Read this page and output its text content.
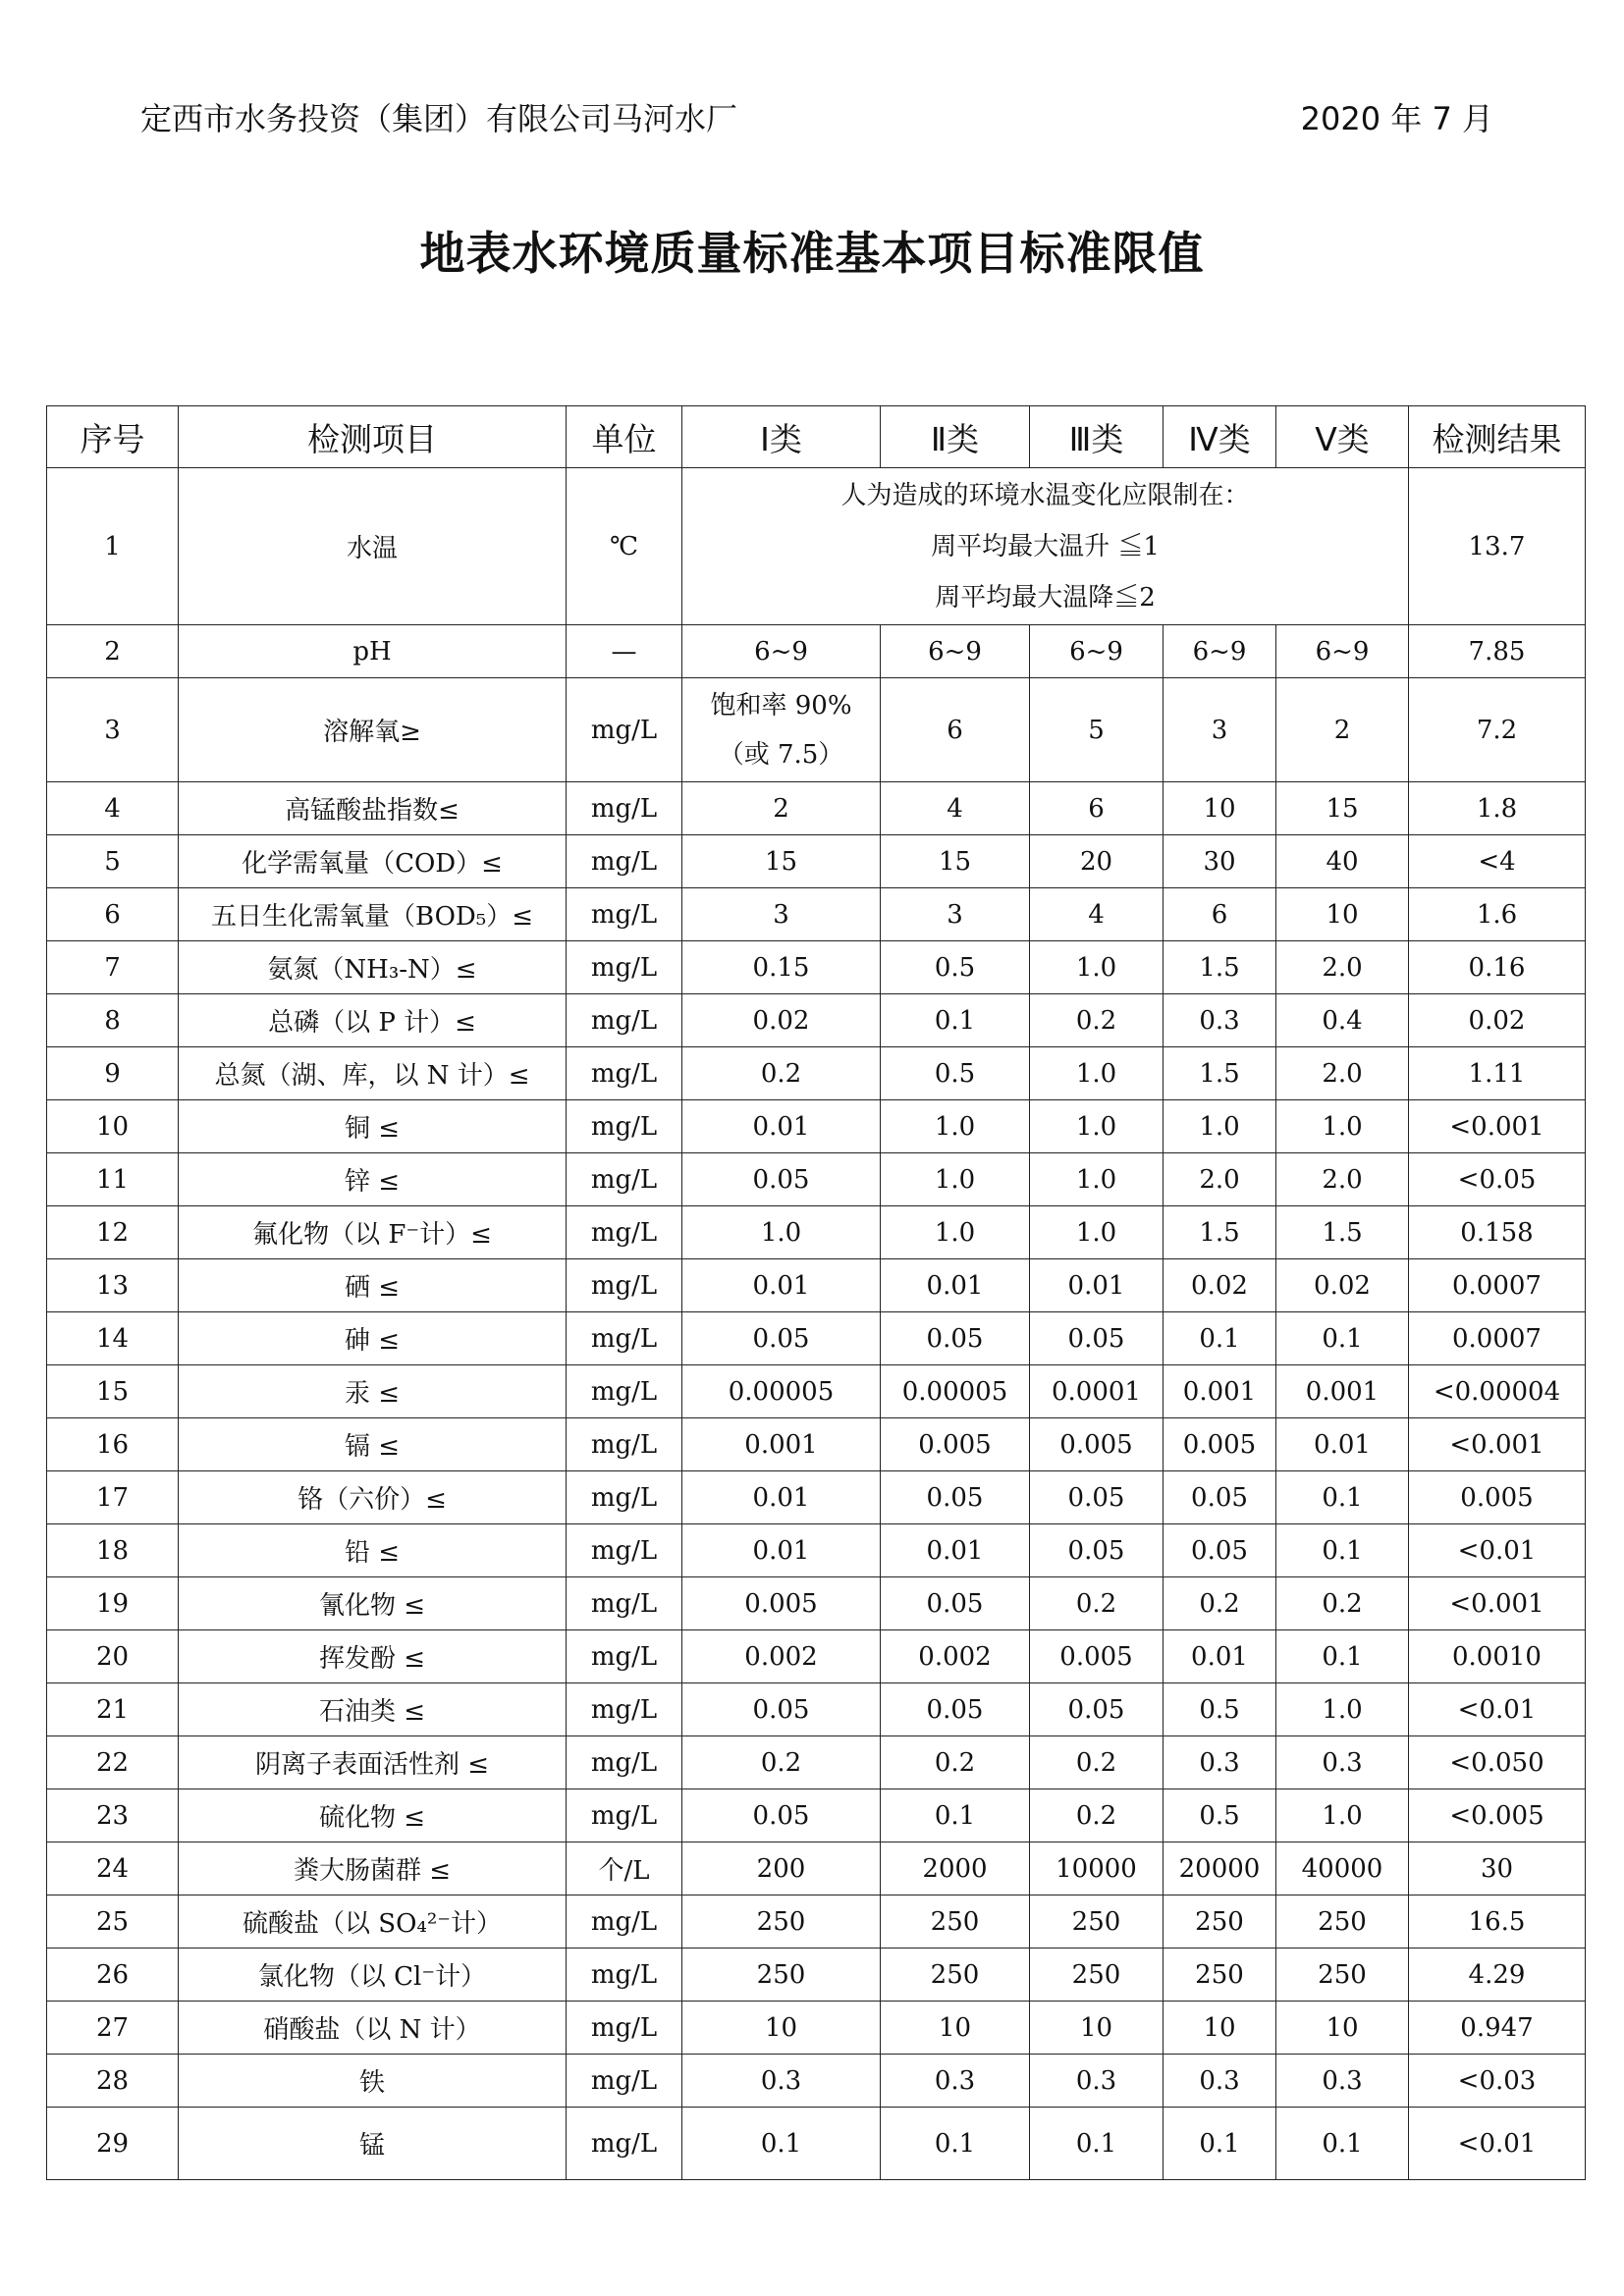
定西市水务投资（集团）有限公司马河水厂	2020 年 7 月
地表水环境质量标准基本项目标准限值
序号	检测项目	单位	Ⅰ类	Ⅱ类	Ⅲ类	Ⅳ类	Ⅴ类	检测结果
1	水温	℃	人为造成的环境水温变化应限制在：
周平均最大温升 ≦1
周平均最大温降≦2					13.7
2	pH	—	6~9	6~9	6~9	6~9	6~9	7.85
3	溶解氧≥	mg/L	饱和率 90%
（或 7.5）	6	5	3	2	7.2
4	高锰酸盐指数≤	mg/L	2	4	6	10	15	1.8
5	化学需氧量（COD）≤	mg/L	15	15	20	30	40	<4
6	五日生化需氧量（BOD₅）≤	mg/L	3	3	4	6	10	1.6
7	氨氮（NH₃-N）≤	mg/L	0.15	0.5	1.0	1.5	2.0	0.16
8	总磷（以 P 计）≤	mg/L	0.02	0.1	0.2	0.3	0.4	0.02
9	总氮（湖、库，以 N 计）≤	mg/L	0.2	0.5	1.0	1.5	2.0	1.11
10	铜 ≤	mg/L	0.01	1.0	1.0	1.0	1.0	<0.001
11	锌 ≤	mg/L	0.05	1.0	1.0	2.0	2.0	<0.05
12	氟化物（以 F⁻计）≤	mg/L	1.0	1.0	1.0	1.5	1.5	0.158
13	硒 ≤	mg/L	0.01	0.01	0.01	0.02	0.02	0.0007
14	砷 ≤	mg/L	0.05	0.05	0.05	0.1	0.1	0.0007
15	汞 ≤	mg/L	0.00005	0.00005	0.0001	0.001	0.001	<0.00004
16	镉 ≤	mg/L	0.001	0.005	0.005	0.005	0.01	<0.001
17	铬（六价）≤	mg/L	0.01	0.05	0.05	0.05	0.1	0.005
18	铅 ≤	mg/L	0.01	0.01	0.05	0.05	0.1	<0.01
19	氰化物 ≤	mg/L	0.005	0.05	0.2	0.2	0.2	<0.001
20	挥发酚 ≤	mg/L	0.002	0.002	0.005	0.01	0.1	0.0010
21	石油类 ≤	mg/L	0.05	0.05	0.05	0.5	1.0	<0.01
22	阴离子表面活性剂 ≤	mg/L	0.2	0.2	0.2	0.3	0.3	<0.050
23	硫化物 ≤	mg/L	0.05	0.1	0.2	0.5	1.0	<0.005
24	粪大肠菌群 ≤	个/L	200	2000	10000	20000	40000	30
25	硫酸盐（以 SO₄²⁻计）	mg/L	250	250	250	250	250	16.5
26	氯化物（以 Cl⁻计）	mg/L	250	250	250	250	250	4.29
27	硝酸盐（以 N 计）	mg/L	10	10	10	10	10	0.947
28	铁	mg/L	0.3	0.3	0.3	0.3	0.3	<0.03
29	锰	mg/L	0.1	0.1	0.1	0.1	0.1	<0.01
